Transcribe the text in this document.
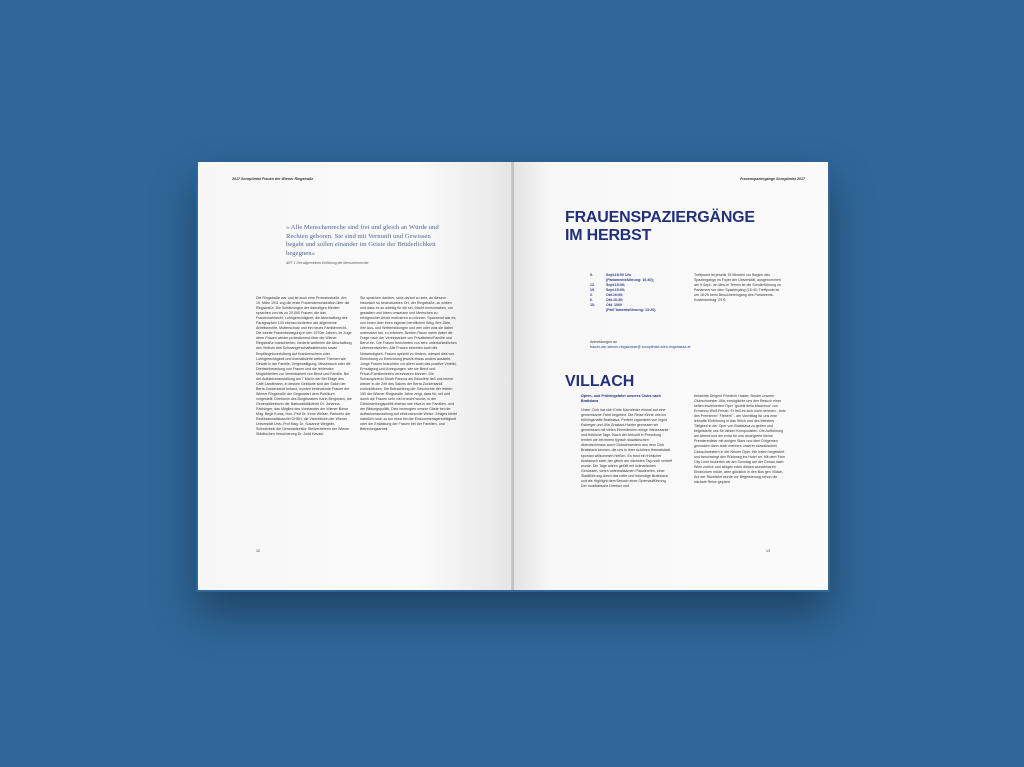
2017 Soroptimist Frauen der Wiener Ringstraße

» Alle Menschenreche sind frei und gleich an Würde und Rechten geboren. Sie sind mit Vernunft und Gewissen begabt und sollen einander im Geiste der Brüderlichkeit begegnen«

ART 1 Der allgemeinen Erklärung der Menschenrechte

Die Ringstraße war und ist auch eine Protestsstraße. Am 19. März 1911 zog die erste Frauendemonstration über die Ringstraße. Die Schätzungen der damaligen Medien sprachen von bis zu 20.000 Frauen, die das Frauenwahlrecht, Lohngerechtigkeit, die Abschaffung des Paragraphen 144 ebenso forderten wie allgemeine Arbeitsrechte, Mutterschutz und ein neues Familienrecht. Die zweite Frauenbewegung in den 1970er Jahren, im Zuge derer Frauen wieder protestierend über die Wiener Ringstraße marschierten, forderte weiterhin die Abschaffung des Verbots des Schwangerschaftsabbruchs sowie Empfängnisverhütung auf Krankenschein oder Lohngerechtigkeit und thematisierte weitere Themen wie Gewalt in der Familie, Vergewaltigung, Missbrauch oder die Dreifachbelastung von Frauen und die fehlenden Möglichkeiten zur Vereinbarkeit von Beruf und Familie. Bei der Auftaktveranstaltung am 7 Mai in der Bel Etage des Cafe Landtmann, in dessen Gebäude sich der Salon der Berta Zuckerkandl befand, wurden bedeutende Frauen der Wiener Ringstraße der Gegenwart dem Publikum vorgestellt: Direktorin des Burgtheaters Karin Bergmann, die Generaldirektorin der Nationalbibliothek Dr. Johanna Rachinger, das Mitglied des Vorstandes der Wiener Börse Mag. Birgit Kuras, Hon.-Prof Dr. Irene Welser, Partnerin der Rechtsanwaltskanzlei CHSH, die Vizerektorin der Wiener Universität Univ.-Prof Mag. Dr. Susanne Weigelin-Schwiedrzik die Generaldirektor Stellvertreterin der Wiener Städtischen Versicherung Dr. Judit Havasi.

Sie sprachen darüber, stolz darauf zu sein, an diesem historisch so bedeutsamen Ort, der Ringstraße, zu wirken und dass es so wichtig für sie sei, Macht innezuhaben, um gestalten und Ideen umsetzen und Menschen zu erfolgreicher Arbeit motivieren zu können. Spannend war es, von ihnen über ihren eigenen beruflichen Weg, ihre Ziele, ihre Aus- und Weiterbildungen und wer oder was sie dabei unterstützt hat, zu erfahren. Breiten Raum nahm dabei die Frage nach der Vereinbarkeit von Privatleben/Familie und Beruf ein. Die Frauen berichteten von sehr unterschiedlichen Lebensentwürfen. Alle Frauen betonten auch die Notwendigkeit, Frauen speziell zu fördern, wieweit dies von Einrichtung zu Einrichtung jeweils etwas anders aussieht. Junge Frauen brauchten vor allem auch das positive Vorbild, Ermutigung und Anregungen, wie sie Beruf und Privat-/Familienleben vereinbaren können. Die Schauspielerin Dinah Pannos als Salonière ließ uns immer wieder in die Zeit des Salons der Berta Zuckerkandl zurückblicken. Die Betrachtung der Geschichte der letzten 150 der Wiener Ringstraße Jahre zeigt, dass für, mit und durch die Frauen sehr viel erreicht wurde, in der Gleichstellungspolitik ebenso wie etwa in der Familien- und der Bildungspolitik. Dies bezeugten unsere Gäste bei der Auftaktveranstaltung auf eindrucksvolle Weise. Einiges bleibt natürlich noch zu tun etwa bei der Einkommensgerechtigkeit oder der Entlastung der Frauen bei der Familien- und Betreuungsarbeit.

12
Frauenspaziergänge Soroptimist 2017
FRAUENSPAZIERGÄNGE
IM HERBST
9.	Sept.18:00 Uhr
(Parlamentsführung: 16:40);
12.	Sept.15:00;
19.	Sept.15:00;
2.	Okt.16:00;
6.	Okt.16:30;
10.	Okt. 1000
(Parl"lamentsführung: 13:20).
Treffpunkt ist jeweils 15 Minuten vor Beginn des Spaziergangs im Foyer der Universität, ausgenommen am 9.Sept., an dies-m Termin ist die Sonderführung im Parlament vor dem Spaziergang (16:40; Treffpunkt ist um 16:25 beim Besuchereingang des Parlaments. Kostenbeitrag: 20 €;
Anmeldungen an
frauen-der-wiener-ringstrasse@ soroptimist-wien-ringstrasse.at
VILLACH

Opern- und Frühlingsfahrt unseres Clubs nach Bratislava

Unser Club hat sich Ende Mai wieder einmal auf eine gemeinsame Fahrt begeben: Die Reise führte uns ins frühlingshafte Bratislava. Perfekt organisiert von Ingrid Esberger und Ulla Graziani-Haider genossen wir gemeinsam mit vielen Ehemännern einige interessante und fröhliche Tage. Nach der Ankunft in Pressburg lernten wir bei einem typisch slowakischen Abendschmaus auch Clubschwestern aus dem Club Bratislava kennen, die uns in ihrer schönen Heimatstadt spontan willkommen hießen. Es fand ein fröhlicher Austausch statt, der gleich am nächsten Tag noch vertieft wurde. Die Tage waren gefüllt mit kulinarischen Genüssen, vielen unterhaltsamen Plaudereien, einer Stadtführung durch das nette und lebendige Bratislava und als Highlight dem Besuch einer Opernaufführung. Der musikalische Direktor und

bekannte Dirigent Friedrich Haider, Bruder unserer Clubschwester Ulla, ermöglichte uns den Besuch einer selten inszenierten Oper "gioielli della Madonna" von Ermanno Wolf-Ferrari. Er ließ es sich nicht nehmen - trotz des Premieren" Fiebers" - am Vormittag für uns eine lebhafte Einführung in das Stück und des Meisters Tätigkeit in der Oper von Bratislava zu geben und begeisterte uns für diesen Komponisten. Die Aufführung am Abend und die extra für uns arrangierte kleine Premierenfeier mit einigen Stars und dem Dirigenten genossen dann auch mehrere unserer slowakischen Clubschwestern in der Neuen Oper. Wir traten begeistert und beschwingt den Rückweg ins Hotel an. Mit dem Twin City Liner tuckerten wir am Sonntag auf der Donau nach Wien zurück und stiegen nach diesen wunderbaren Eindrücken müde, aber glücklich in den Bus gen Villach. Auf der Rückfahrt wurde vor Begeisterung schon die nächste Reise geplant.

13
